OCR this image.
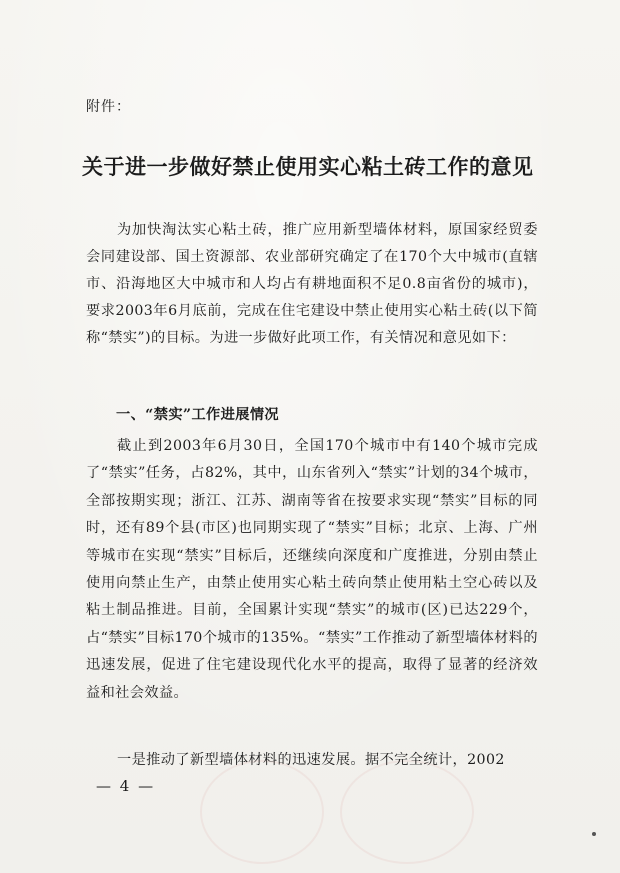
附件：
关于进一步做好禁止使用实心粘土砖工作的意见
为加快淘汰实心粘土砖，推广应用新型墙体材料，原国家经贸委会同建设部、国土资源部、农业部研究确定了在170个大中城市(直辖市、沿海地区大中城市和人均占有耕地面积不足0.8亩省份的城市)，要求2003年6月底前，完成在住宅建设中禁止使用实心粘土砖(以下简称“禁实”)的目标。为进一步做好此项工作，有关情况和意见如下：
一、“禁实”工作进展情况
截止到2003年6月30日，全国170个城市中有140个城市完成了“禁实”任务，占82%，其中，山东省列入“禁实”计划的34个城市，全部按期实现；浙江、江苏、湖南等省在按要求实现“禁实”目标的同时，还有89个县(市区)也同期实现了“禁实”目标；北京、上海、广州等城市在实现“禁实”目标后，还继续向深度和广度推进，分别由禁止使用向禁止生产，由禁止使用实心粘土砖向禁止使用粘土空心砖以及粘土制品推进。目前，全国累计实现“禁实”的城市(区)已达229个，占“禁实”目标170个城市的135%。“禁实”工作推动了新型墙体材料的迅速发展，促进了住宅建设现代化水平的提高，取得了显著的经济效益和社会效益。
一是推动了新型墙体材料的迅速发展。据不完全统计，2002
— 4 —
